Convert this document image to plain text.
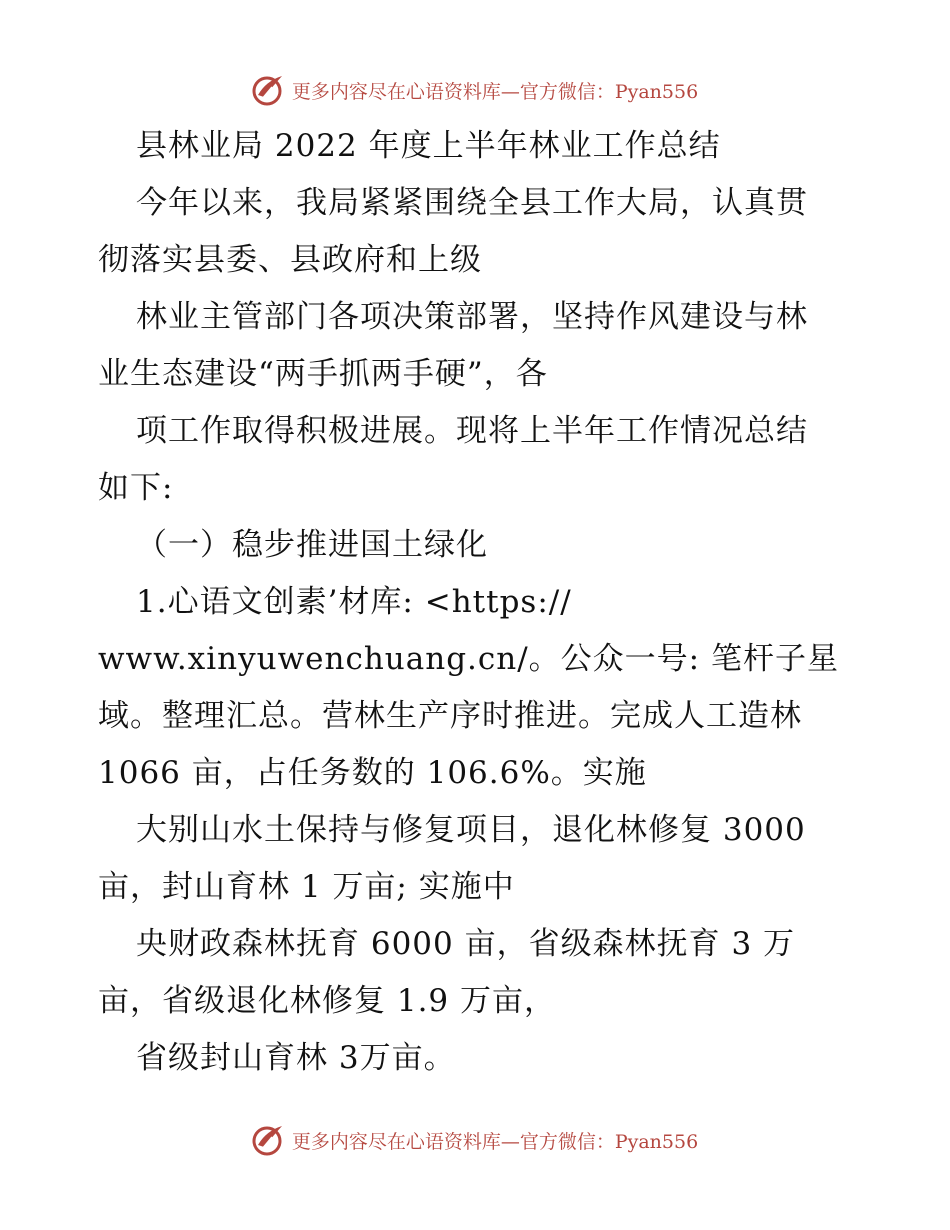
更多内容尽在心语资料库—官方微信：Pyan556
县林业局 2022 年度上半年林业工作总结
今年以来，我局紧紧围绕全县工作大局，认真贯
彻落实县委、县政府和上级
林业主管部门各项决策部署，坚持作风建设与林
业生态建设“两手抓两手硬”，各
项工作取得积极进展。现将上半年工作情况总结
如下:
（一）稳步推进国土绿化
1.心语文创素’材库: <https://
www.xinyuwenchuang.cn/。公众一号: 笔杆子星
域。整理汇总。营林生产序时推进。完成人工造林
1066 亩，占任务数的 106.6%。实施
大别山水土保持与修复项目，退化林修复 3000
亩，封山育林 1 万亩; 实施中
央财政森林抚育 6000 亩，省级森林抚育 3 万
亩，省级退化林修复 1.9 万亩，
省级封山育林 3万亩。
更多内容尽在心语资料库—官方微信：Pyan556
